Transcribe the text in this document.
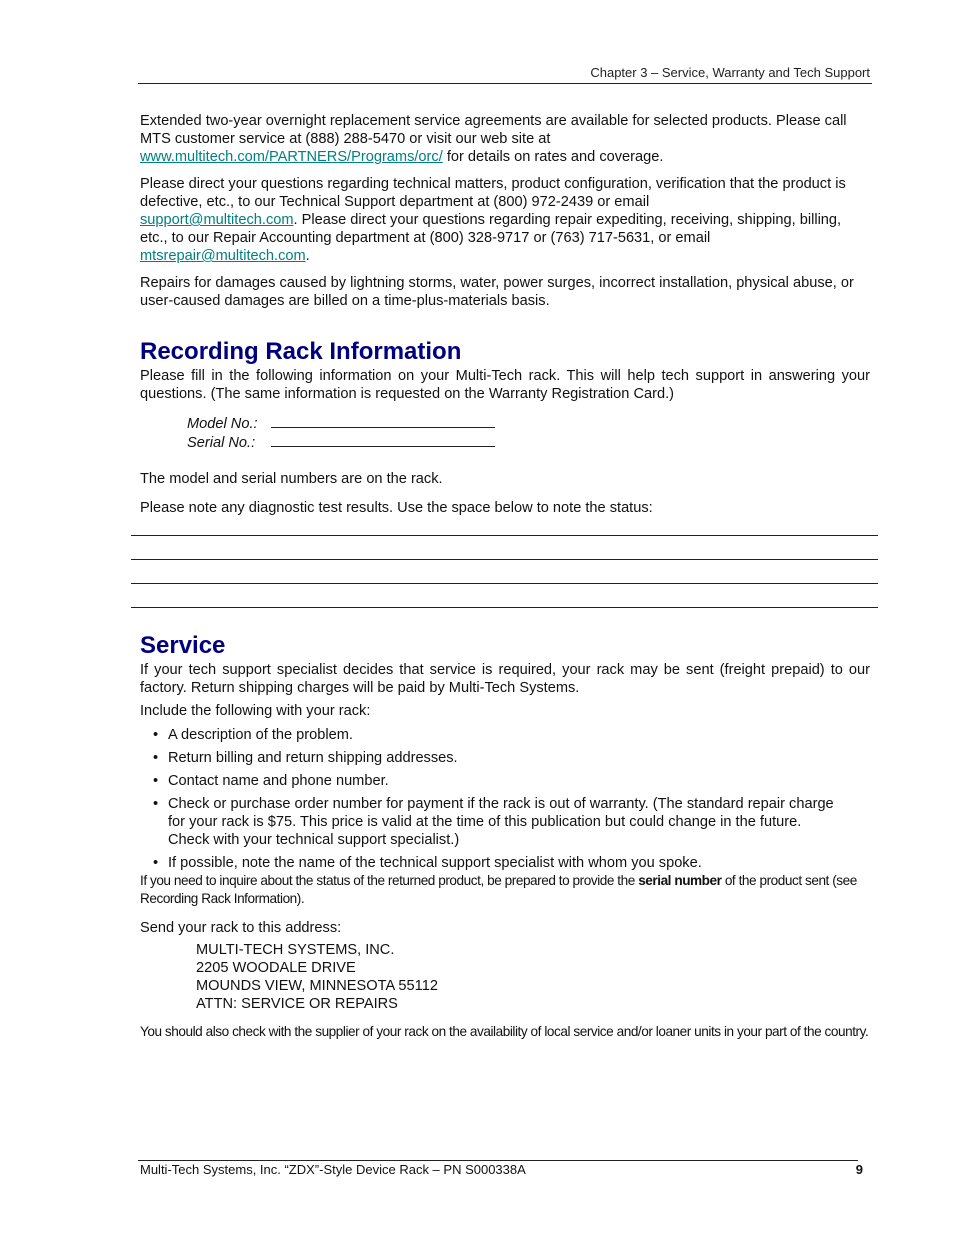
Chapter 3 – Service, Warranty and Tech Support

Extended two-year overnight replacement service agreements are available for selected products. Please call MTS customer service at (888) 288-5470 or visit our web site at
www.multitech.com/PARTNERS/Programs/orc/ for details on rates and coverage.

Please direct your questions regarding technical matters, product configuration, verification that the product is defective, etc., to our Technical Support department at (800) 972-2439 or email
support@multitech.com. Please direct your questions regarding repair expediting, receiving, shipping, billing, etc., to our Repair Accounting department at (800) 328-9717 or (763) 717-5631, or email
mtsrepair@multitech.com.

Repairs for damages caused by lightning storms, water, power surges, incorrect installation, physical abuse, or user-caused damages are billed on a time-plus-materials basis.

Recording Rack Information

Please fill in the following information on your Multi-Tech rack. This will help tech support in answering your questions. (The same information is requested on the Warranty Registration Card.)

Model No.:
Serial No.:

The model and serial numbers are on the rack.

Please note any diagnostic test results. Use the space below to note the status:

Service

If your tech support specialist decides that service is required, your rack may be sent (freight prepaid) to our factory. Return shipping charges will be paid by Multi-Tech Systems.

Include the following with your rack:

• A description of the problem.
• Return billing and return shipping addresses.
• Contact name and phone number.
• Check or purchase order number for payment if the rack is out of warranty. (The standard repair charge for your rack is $75. This price is valid at the time of this publication but could change in the future. Check with your technical support specialist.)
• If possible, note the name of the technical support specialist with whom you spoke.

If you need to inquire about the status of the returned product, be prepared to provide the serial number of the product sent (see Recording Rack Information).

Send your rack to this address:

MULTI-TECH SYSTEMS, INC.
2205 WOODALE DRIVE
MOUNDS VIEW, MINNESOTA 55112
ATTN: SERVICE OR REPAIRS

You should also check with the supplier of your rack on the availability of local service and/or loaner units in your part of the country.

Multi-Tech Systems, Inc. “ZDX”-Style Device Rack – PN S000338A	9
